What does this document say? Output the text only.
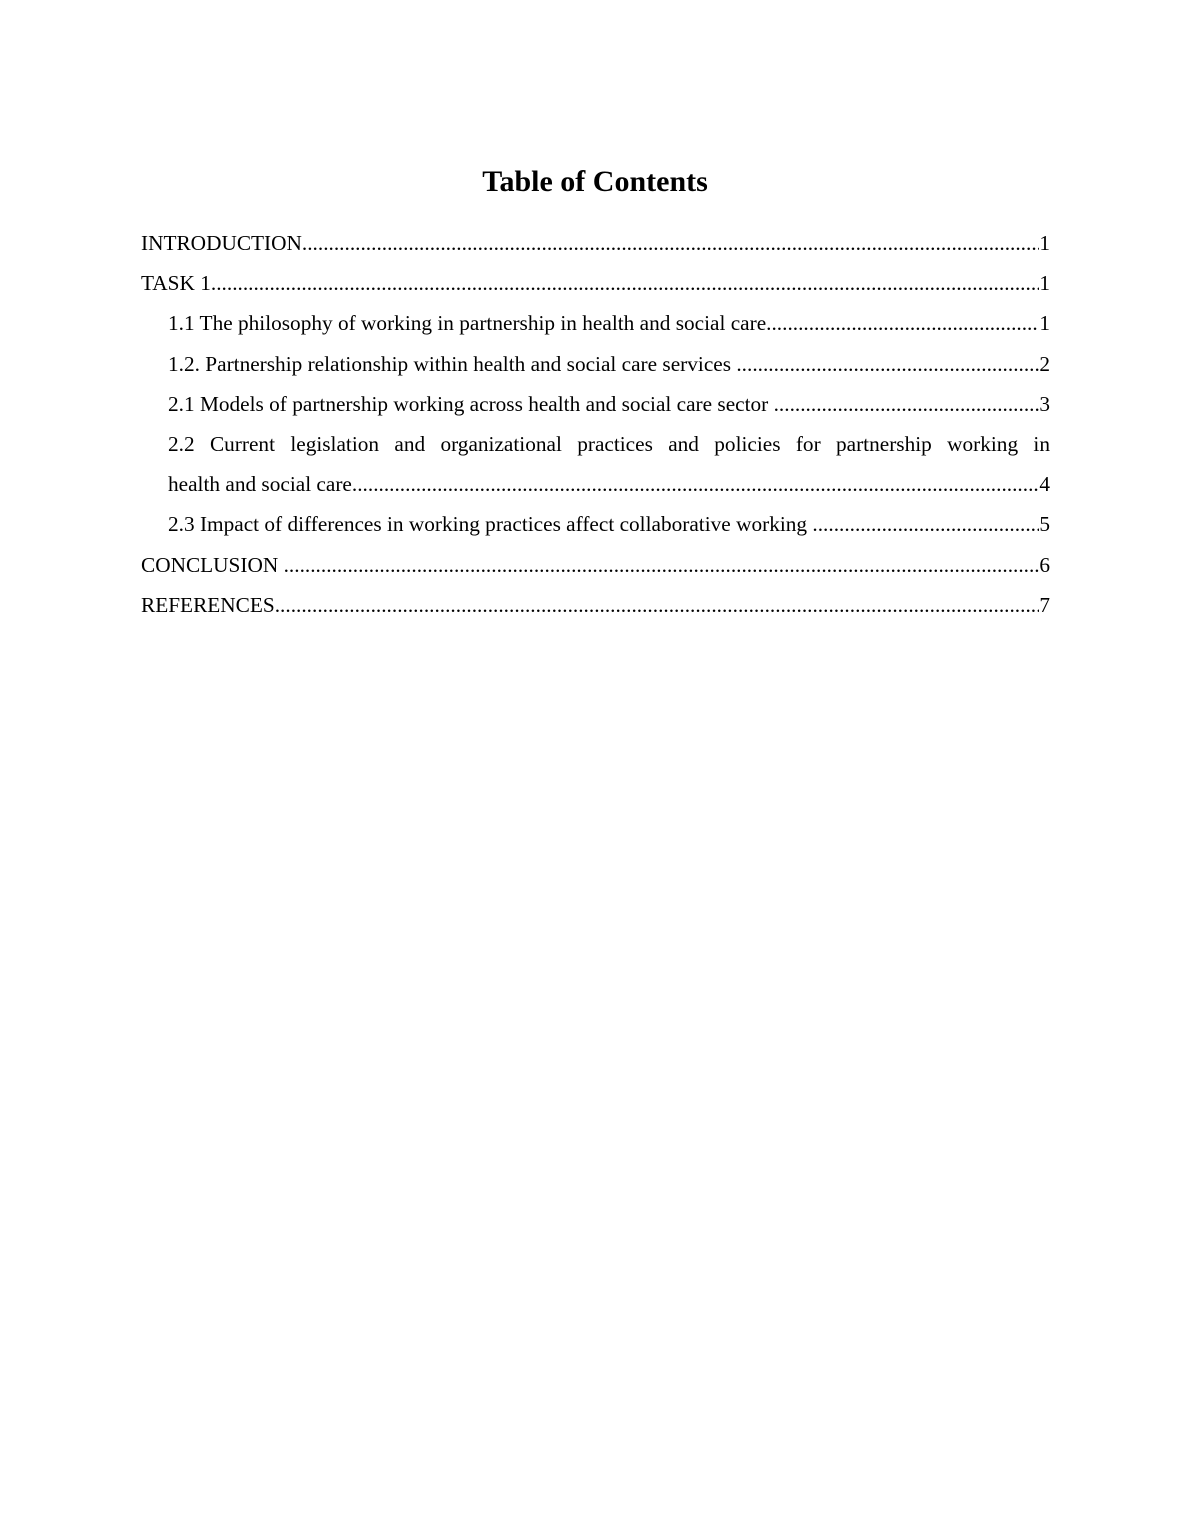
Table of Contents
INTRODUCTION .....	1
TASK 1 .....	1
1.1 The philosophy of working in partnership in health and social care .....	1
1.2. Partnership relationship within health and social care services .....	2
2.1 Models of partnership working across health and social care sector .....	3
2.2 Current legislation and organizational practices and policies for partnership working in
health and social care .....	4
2.3 Impact of differences in working practices affect collaborative working .....	5
CONCLUSION .....	6
REFERENCES .....	7
